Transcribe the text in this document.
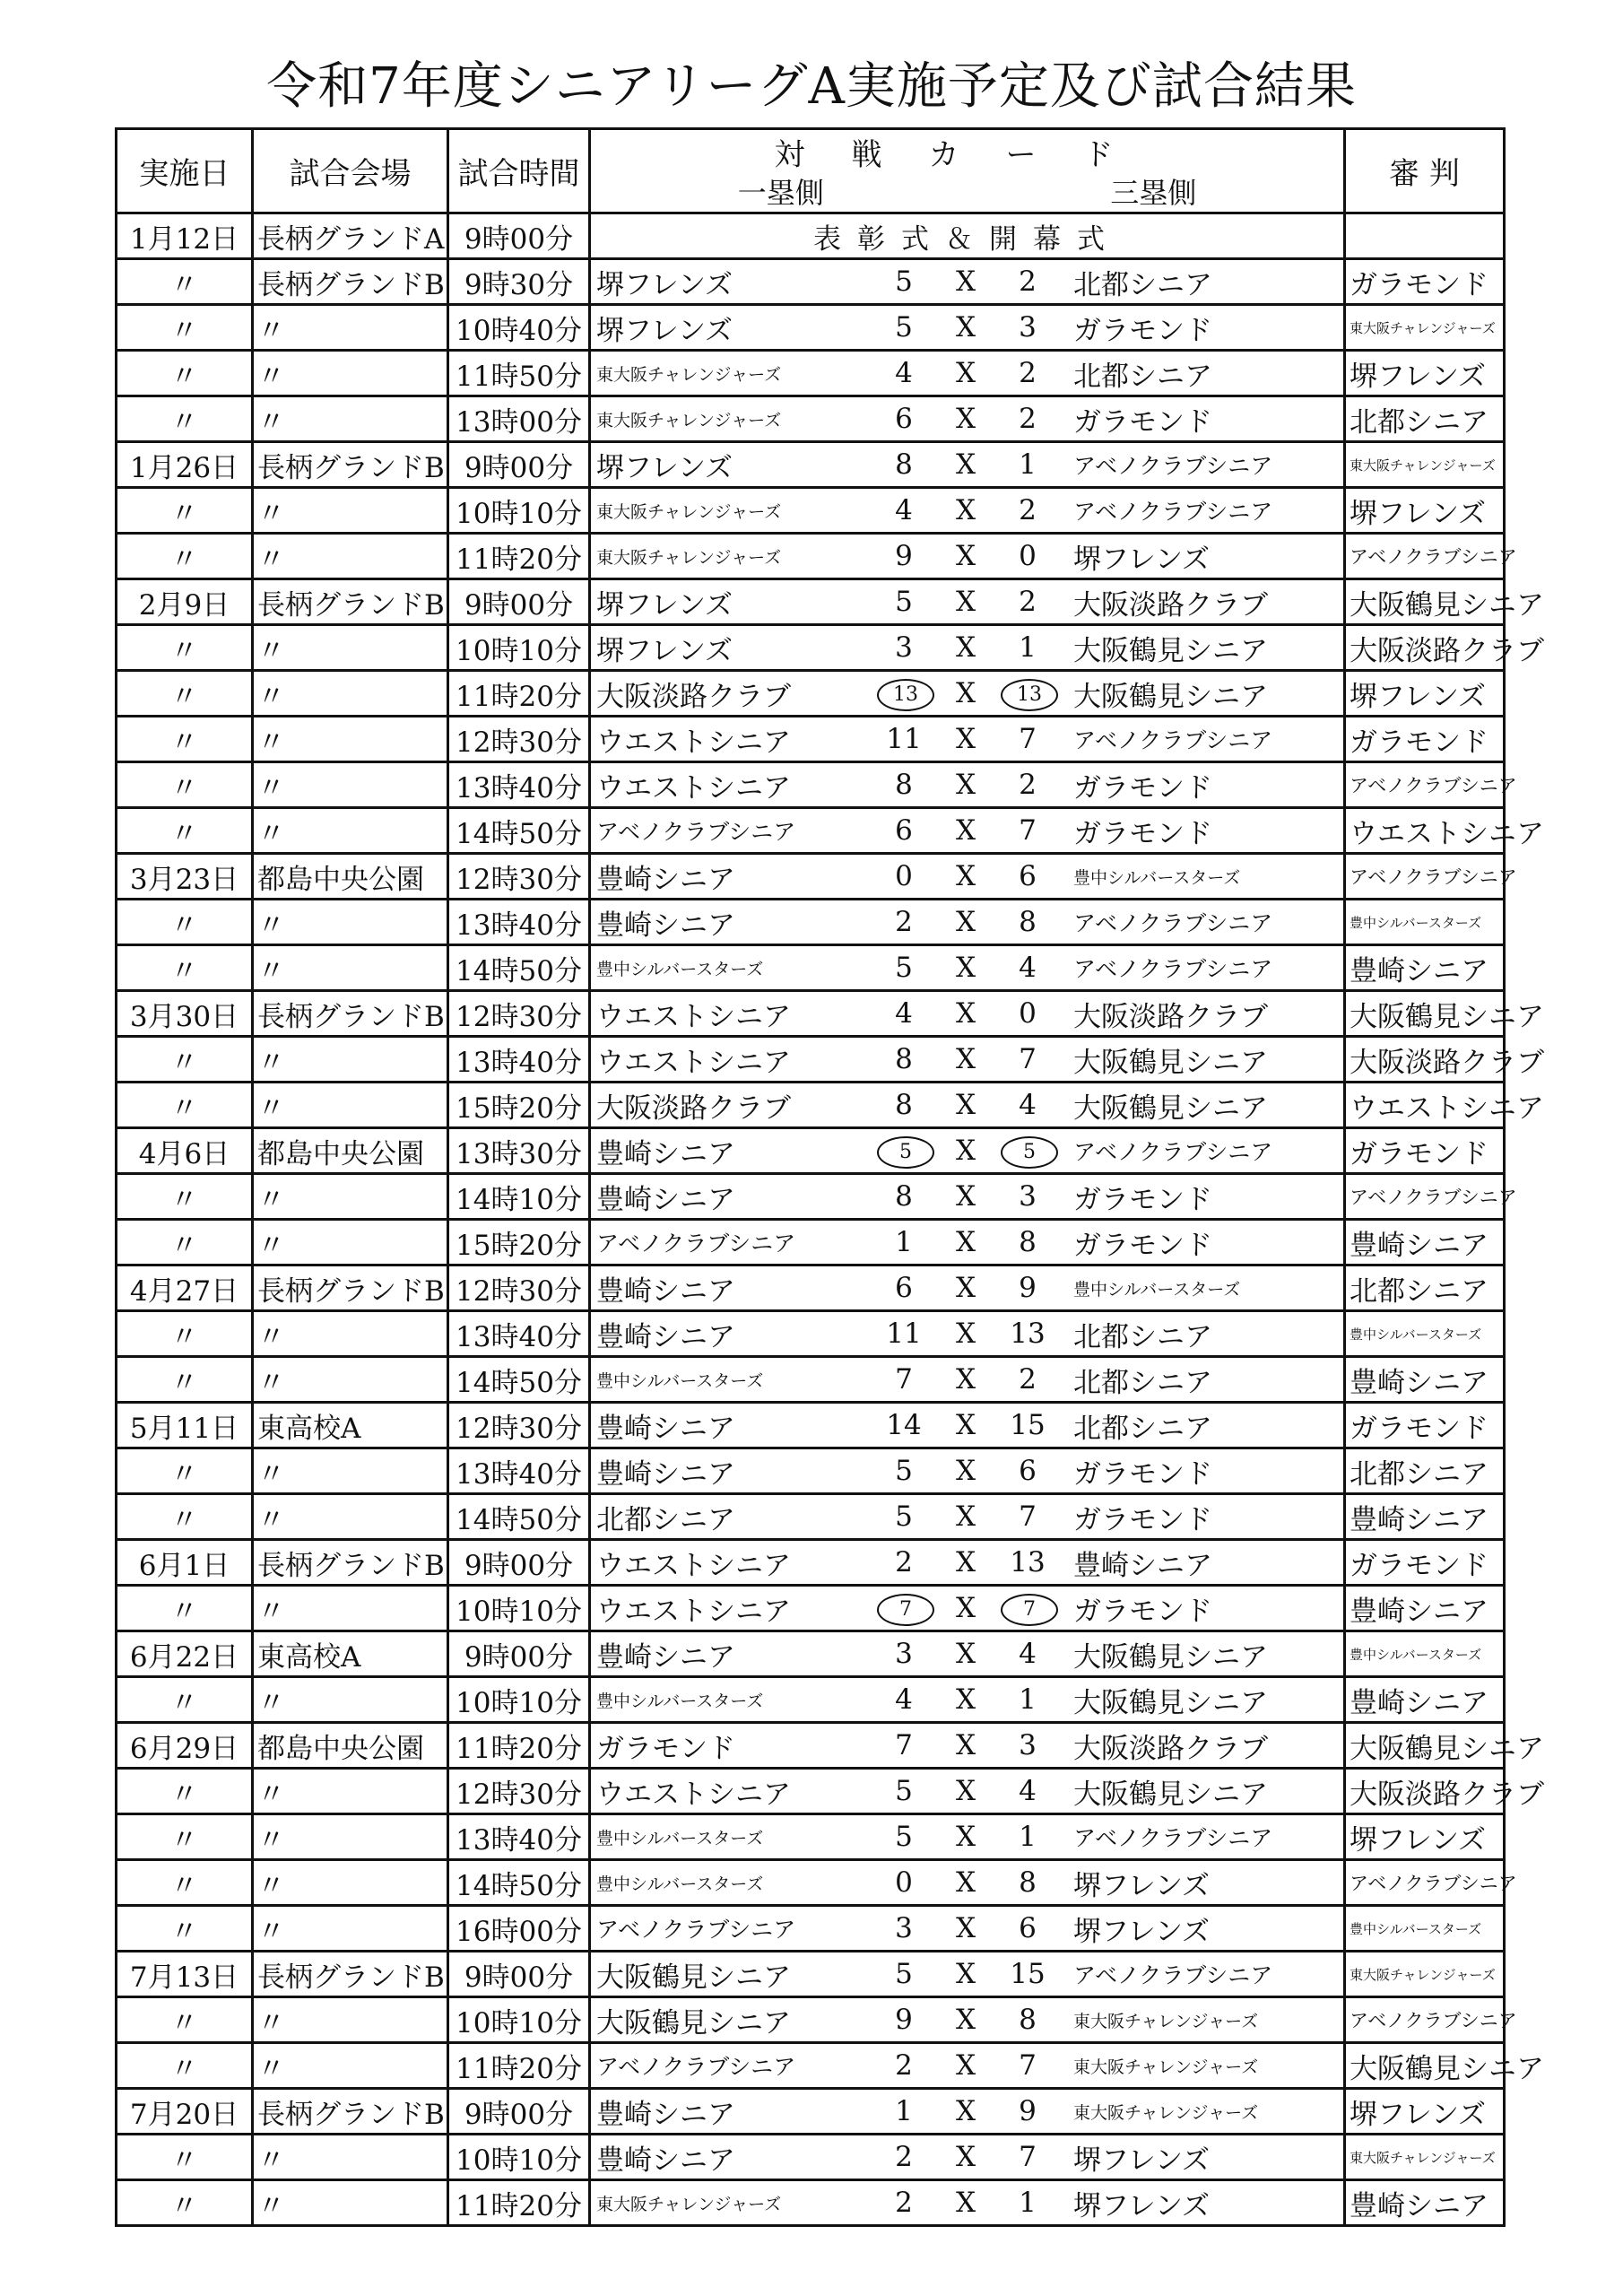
令和7年度シニアリーグA実施予定及び試合結果
実施日	試合会場	試合時間	対戦カード
一塁側 三塁側	審 判
1月12日	長柄グランドA	9時00分	表彰式＆開幕式	
〃	長柄グランドB	9時30分	堺フレンズ 5 X 2 北都シニア	ガラモンド
〃	〃	10時40分	堺フレンズ 5 X 3 ガラモンド	東大阪チャレンジャーズ
〃	〃	11時50分	東大阪チャレンジャーズ 4 X 2 北都シニア	堺フレンズ
〃	〃	13時00分	東大阪チャレンジャーズ 6 X 2 ガラモンド	北都シニア
1月26日	長柄グランドB	9時00分	堺フレンズ 8 X 1 アベノクラブシニア	東大阪チャレンジャーズ
〃	〃	10時10分	東大阪チャレンジャーズ 4 X 2 アベノクラブシニア	堺フレンズ
〃	〃	11時20分	東大阪チャレンジャーズ 9 X 0 堺フレンズ	アベノクラブシニア
2月9日	長柄グランドB	9時00分	堺フレンズ 5 X 2 大阪淡路クラブ	大阪鶴見シニア
〃	〃	10時10分	堺フレンズ 3 X 1 大阪鶴見シニア	大阪淡路クラブ
〃	〃	11時20分	大阪淡路クラブ 13 X 13 大阪鶴見シニア	堺フレンズ
〃	〃	12時30分	ウエストシニア 11 X 7 アベノクラブシニア	ガラモンド
〃	〃	13時40分	ウエストシニア 8 X 2 ガラモンド	アベノクラブシニア
〃	〃	14時50分	アベノクラブシニア 6 X 7 ガラモンド	ウエストシニア
3月23日	都島中央公園	12時30分	豊崎シニア 0 X 6 豊中シルバースターズ	アベノクラブシニア
〃	〃	13時40分	豊崎シニア 2 X 8 アベノクラブシニア	豊中シルバースターズ
〃	〃	14時50分	豊中シルバースターズ 5 X 4 アベノクラブシニア	豊崎シニア
3月30日	長柄グランドB	12時30分	ウエストシニア 4 X 0 大阪淡路クラブ	大阪鶴見シニア
〃	〃	13時40分	ウエストシニア 8 X 7 大阪鶴見シニア	大阪淡路クラブ
〃	〃	15時20分	大阪淡路クラブ 8 X 4 大阪鶴見シニア	ウエストシニア
4月6日	都島中央公園	13時30分	豊崎シニア 5 X 5 アベノクラブシニア	ガラモンド
〃	〃	14時10分	豊崎シニア 8 X 3 ガラモンド	アベノクラブシニア
〃	〃	15時20分	アベノクラブシニア 1 X 8 ガラモンド	豊崎シニア
4月27日	長柄グランドB	12時30分	豊崎シニア 6 X 9 豊中シルバースターズ	北都シニア
〃	〃	13時40分	豊崎シニア 11 X 13 北都シニア	豊中シルバースターズ
〃	〃	14時50分	豊中シルバースターズ 7 X 2 北都シニア	豊崎シニア
5月11日	東高校A	12時30分	豊崎シニア 14 X 15 北都シニア	ガラモンド
〃	〃	13時40分	豊崎シニア 5 X 6 ガラモンド	北都シニア
〃	〃	14時50分	北都シニア 5 X 7 ガラモンド	豊崎シニア
6月1日	長柄グランドB	9時00分	ウエストシニア 2 X 13 豊崎シニア	ガラモンド
〃	〃	10時10分	ウエストシニア 7 X 7 ガラモンド	豊崎シニア
6月22日	東高校A	9時00分	豊崎シニア 3 X 4 大阪鶴見シニア	豊中シルバースターズ
〃	〃	10時10分	豊中シルバースターズ 4 X 1 大阪鶴見シニア	豊崎シニア
6月29日	都島中央公園	11時20分	ガラモンド 7 X 3 大阪淡路クラブ	大阪鶴見シニア
〃	〃	12時30分	ウエストシニア 5 X 4 大阪鶴見シニア	大阪淡路クラブ
〃	〃	13時40分	豊中シルバースターズ 5 X 1 アベノクラブシニア	堺フレンズ
〃	〃	14時50分	豊中シルバースターズ 0 X 8 堺フレンズ	アベノクラブシニア
〃	〃	16時00分	アベノクラブシニア 3 X 6 堺フレンズ	豊中シルバースターズ
7月13日	長柄グランドB	9時00分	大阪鶴見シニア 5 X 15 アベノクラブシニア	東大阪チャレンジャーズ
〃	〃	10時10分	大阪鶴見シニア 9 X 8 東大阪チャレンジャーズ	アベノクラブシニア
〃	〃	11時20分	アベノクラブシニア 2 X 7 東大阪チャレンジャーズ	大阪鶴見シニア
7月20日	長柄グランドB	9時00分	豊崎シニア 1 X 9 東大阪チャレンジャーズ	堺フレンズ
〃	〃	10時10分	豊崎シニア 2 X 7 堺フレンズ	東大阪チャレンジャーズ
〃	〃	11時20分	東大阪チャレンジャーズ 2 X 1 堺フレンズ	豊崎シニア
